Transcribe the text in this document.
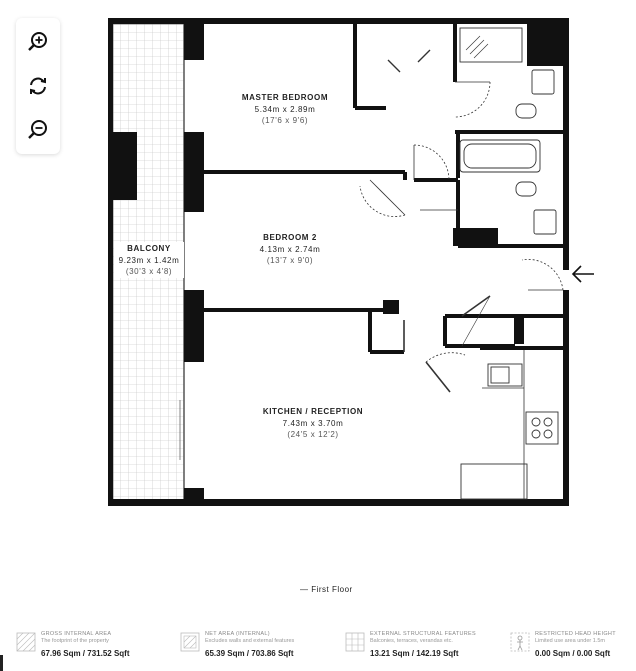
MASTER BEDROOM
5.34m x 2.89m
(17'6 x 9'6)
BEDROOM 2
4.13m x 2.74m
(13'7 x 9'0)
BALCONY
9.23m x 1.42m
(30'3 x 4'8)
KITCHEN / RECEPTION
7.43m x 3.70m
(24'5 x 12'2)
— First Floor
GROSS INTERNAL AREA
The footprint of the property
67.96 Sqm / 731.52 Sqft
NET AREA (INTERNAL)
Excludes walls and external features
65.39 Sqm / 703.86 Sqft
EXTERNAL STRUCTURAL FEATURES
Balconies, terraces, verandas etc.
13.21 Sqm / 142.19 Sqft
RESTRICTED HEAD HEIGHT
Limited use area under 1.5m
0.00 Sqm / 0.00 Sqft
